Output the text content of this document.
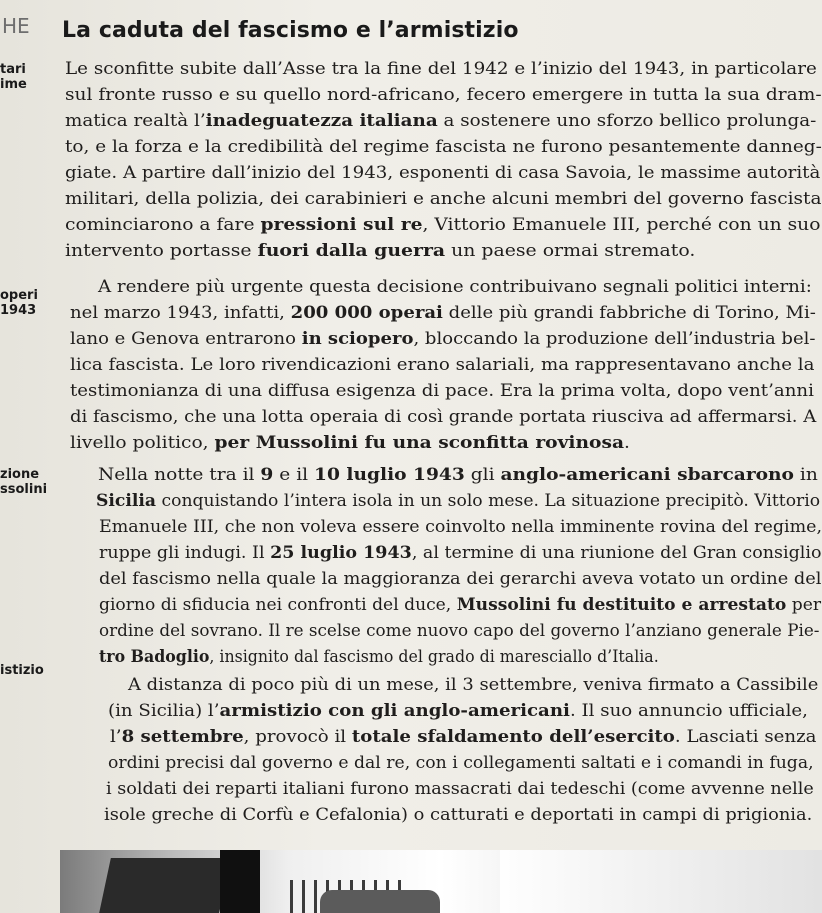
HE La caduta del fascismo e l’armistizio
tari
ime
operi
1943
zione
ssolini
istizio
Le sconfitte subite dall’Asse tra la fine del 1942 e l’inizio del 1943, in particolare
sul fronte russo e su quello nord-africano, fecero emergere in tutta la sua dram-
matica realtà l’inadeguatezza italiana a sostenere uno sforzo bellico prolunga-
to, e la forza e la credibilità del regime fascista ne furono pesantemente danneg-
giate. A partire dall’inizio del 1943, esponenti di casa Savoia, le massime autorità
militari, della polizia, dei carabinieri e anche alcuni membri del governo fascista
cominciarono a fare pressioni sul re, Vittorio Emanuele III, perché con un suo
intervento portasse fuori dalla guerra un paese ormai stremato.
A rendere più urgente questa decisione contribuivano segnali politici interni:
nel marzo 1943, infatti, 200 000 operai delle più grandi fabbriche di Torino, Mi-
lano e Genova entrarono in sciopero, bloccando la produzione dell’industria bel-
lica fascista. Le loro rivendicazioni erano salariali, ma rappresentavano anche la
testimonianza di una diffusa esigenza di pace. Era la prima volta, dopo vent’anni
di fascismo, che una lotta operaia di così grande portata riusciva ad affermarsi. A
livello politico, per Mussolini fu una sconfitta rovinosa.
Nella notte tra il 9 e il 10 luglio 1943 gli anglo-americani sbarcarono in
Sicilia conquistando l’intera isola in un solo mese. La situazione precipitò. Vittorio
Emanuele III, che non voleva essere coinvolto nella imminente rovina del regime,
ruppe gli indugi. Il 25 luglio 1943, al termine di una riunione del Gran consiglio
del fascismo nella quale la maggioranza dei gerarchi aveva votato un ordine del
giorno di sfiducia nei confronti del duce, Mussolini fu destituito e arrestato per
ordine del sovrano. Il re scelse come nuovo capo del governo l’anziano generale Pie-
tro Badoglio, insignito dal fascismo del grado di maresciallo d’Italia.
A distanza di poco più di un mese, il 3 settembre, veniva firmato a Cassibile
(in Sicilia) l’armistizio con gli anglo-americani. Il suo annuncio ufficiale,
l’8 settembre, provocò il totale sfaldamento dell’esercito. Lasciati senza
ordini precisi dal governo e dal re, con i collegamenti saltati e i comandi in fuga,
i soldati dei reparti italiani furono massacrati dai tedeschi (come avvenne nelle
isole greche di Corfù e Cefalonia) o catturati e deportati in campi di prigionia.
